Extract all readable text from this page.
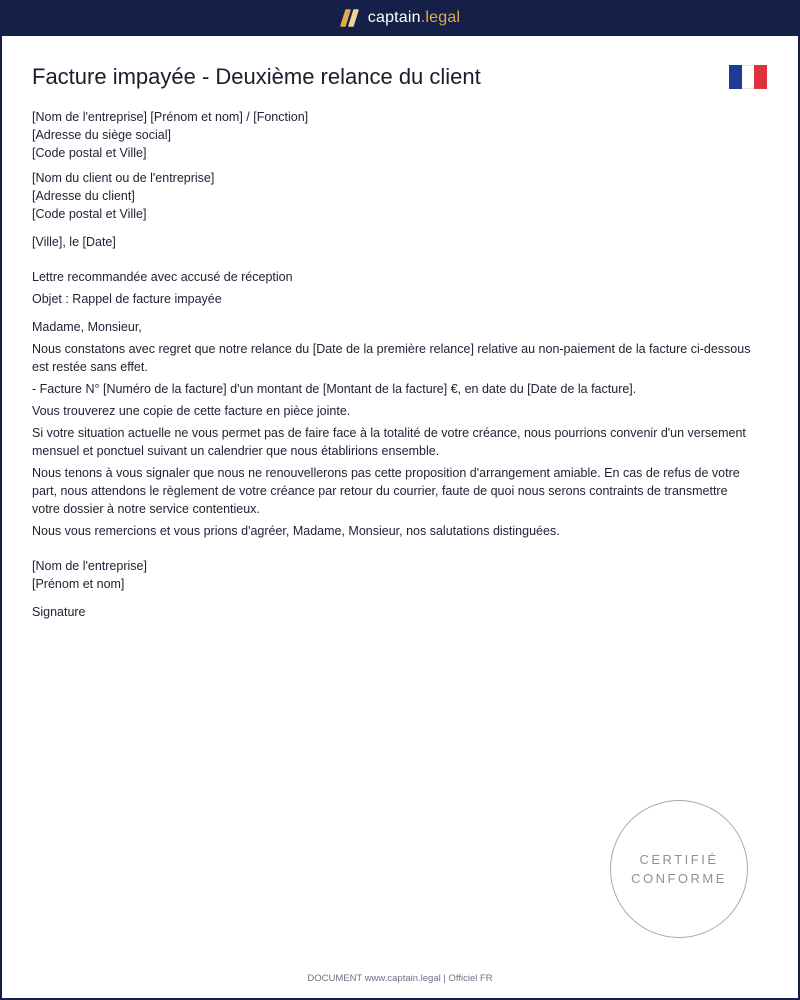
captain.legal
Facture impayée - Deuxième relance du client
[Nom de l'entreprise] [Prénom et nom] / [Fonction]
[Adresse du siège social]
[Code postal et Ville]
[Nom du client ou de l'entreprise]
[Adresse du client]
[Code postal et Ville]
[Ville], le [Date]
Lettre recommandée avec accusé de réception
Objet : Rappel de facture impayée
Madame, Monsieur,
Nous constatons avec regret que notre relance du [Date de la première relance] relative au non-paiement de la facture ci-dessous est restée sans effet.
- Facture N° [Numéro de la facture] d'un montant de [Montant de la facture] €, en date du [Date de la facture].
Vous trouverez une copie de cette facture en pièce jointe.
Si votre situation actuelle ne vous permet pas de faire face à la totalité de votre créance, nous pourrions convenir d'un versement mensuel et ponctuel suivant un calendrier que nous établirions ensemble.
Nous tenons à vous signaler que nous ne renouvellerons pas cette proposition d'arrangement amiable. En cas de refus de votre part, nous attendons le règlement de votre créance par retour du courrier, faute de quoi nous serons contraints de transmettre votre dossier à notre service contentieux.
Nous vous remercions et vous prions d'agréer, Madame, Monsieur, nos salutations distinguées.
[Nom de l'entreprise]
[Prénom et nom]
Signature
CERTIFIÉ
CONFORME
DOCUMENT www.captain.legal | Officiel FR
